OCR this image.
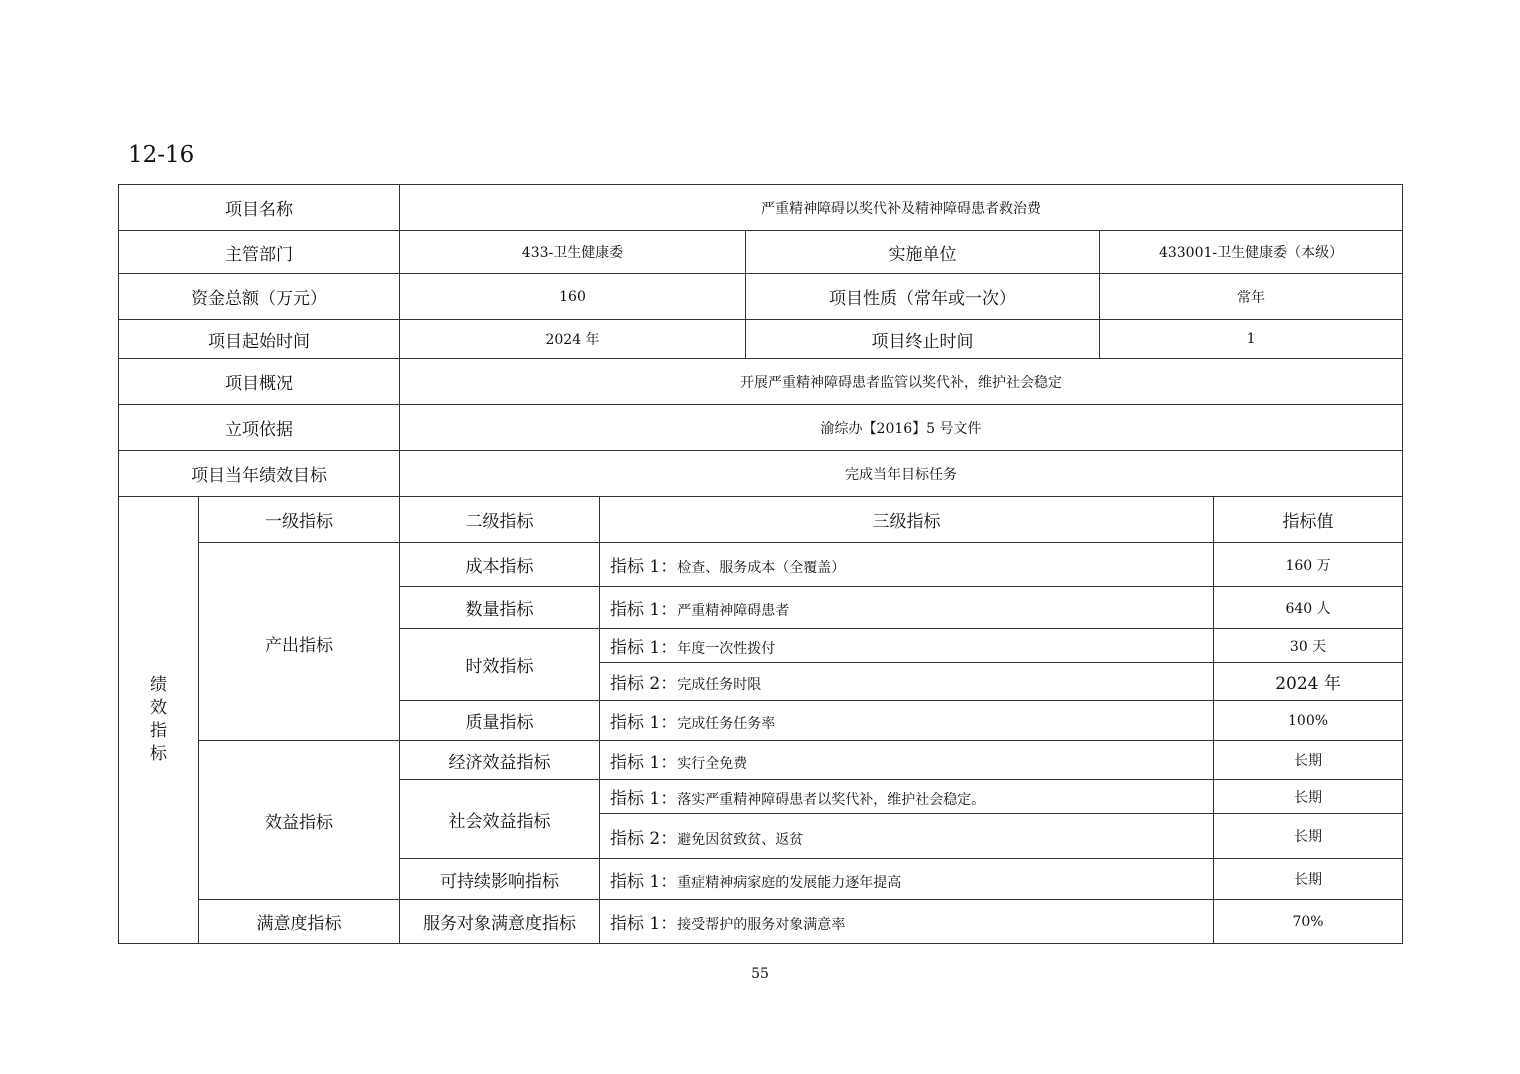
12-16
项目名称		严重精神障碍以奖代补及精神障碍患者救治费				
主管部门		433-卫生健康委		实施单位	433001-卫生健康委（本级）	
资金总额（万元）		160		项目性质（常年或一次）	常年	
项目起始时间		2024 年		项目终止时间	1	
项目概况		开展严重精神障碍患者监管以奖代补，维护社会稳定				
立项依据		渝综办【2016】5 号文件				
项目当年绩效目标		完成当年目标任务				

绩
效
指
标	一级指标	二级指标	三级指标			指标值
	产出指标	成本指标	指标 1：检查、服务成本（全覆盖）			160 万
		数量指标	指标 1：严重精神障碍患者			640 人
		时效指标	指标 1：年度一次性拨付			30 天
			指标 2：完成任务时限			2024 年
		质量指标	指标 1：完成任务任务率			100%
	效益指标	经济效益指标	指标 1：实行全免费			长期
		社会效益指标	指标 1：落实严重精神障碍患者以奖代补，维护社会稳定。			长期
			指标 2：避免因贫致贫、返贫			长期
		可持续影响指标	指标 1：重症精神病家庭的发展能力逐年提高			长期
	满意度指标	服务对象满意度指标	指标 1：接受帮护的服务对象满意率			70%
55
